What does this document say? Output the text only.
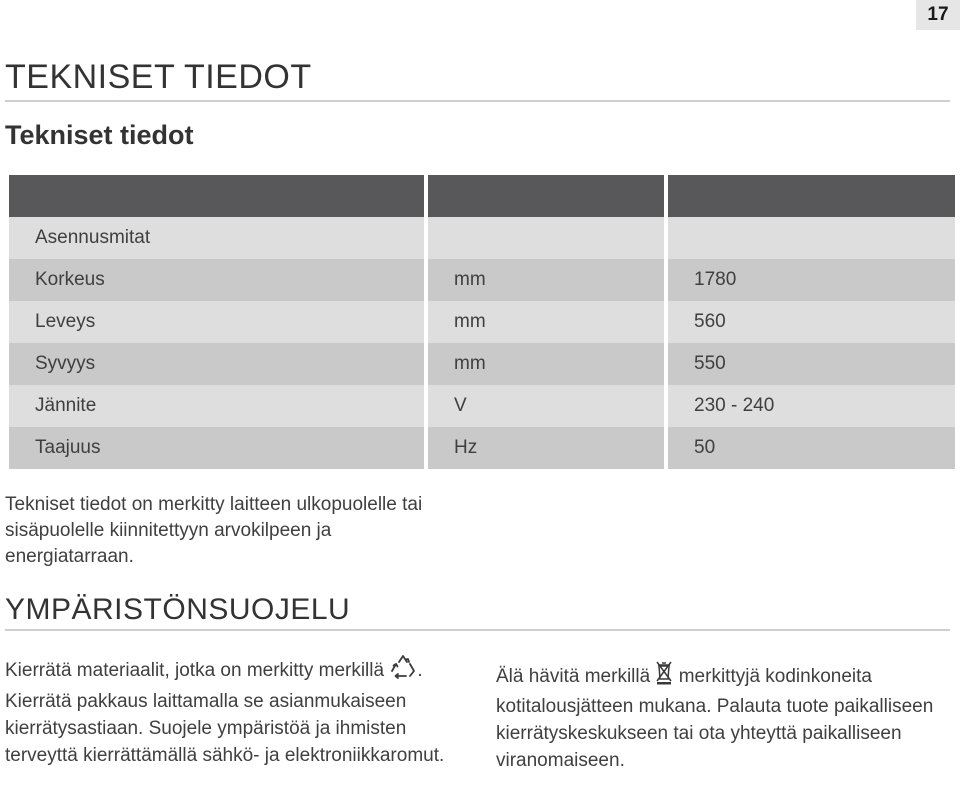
17
TEKNISET TIEDOT
Tekniset tiedot

Asennusmitat		
Korkeus	mm	1780
Leveys	mm	560
Syvyys	mm	550
Jännite	V	230 - 240
Taajuus	Hz	50

Tekniset tiedot on merkitty laitteen ulkopuolelle tai sisäpuolelle kiinnitettyyn arvokilpeen ja energiatarraan.

YMPÄRISTÖNSUOJELU

Kierrätä materiaalit, jotka on merkitty merkillä . Kierrätä pakkaus laittamalla se asianmukaiseen kierrätysastiaan. Suojele ympäristöä ja ihmisten terveyttä kierrättämällä sähkö- ja elektroniikkaromut.

Älä hävitä merkillä  merkittyjä kodinkoneita kotitalousjätteen mukana. Palauta tuote paikalliseen kierrätyskeskukseen tai ota yhteyttä paikalliseen viranomaiseen.
